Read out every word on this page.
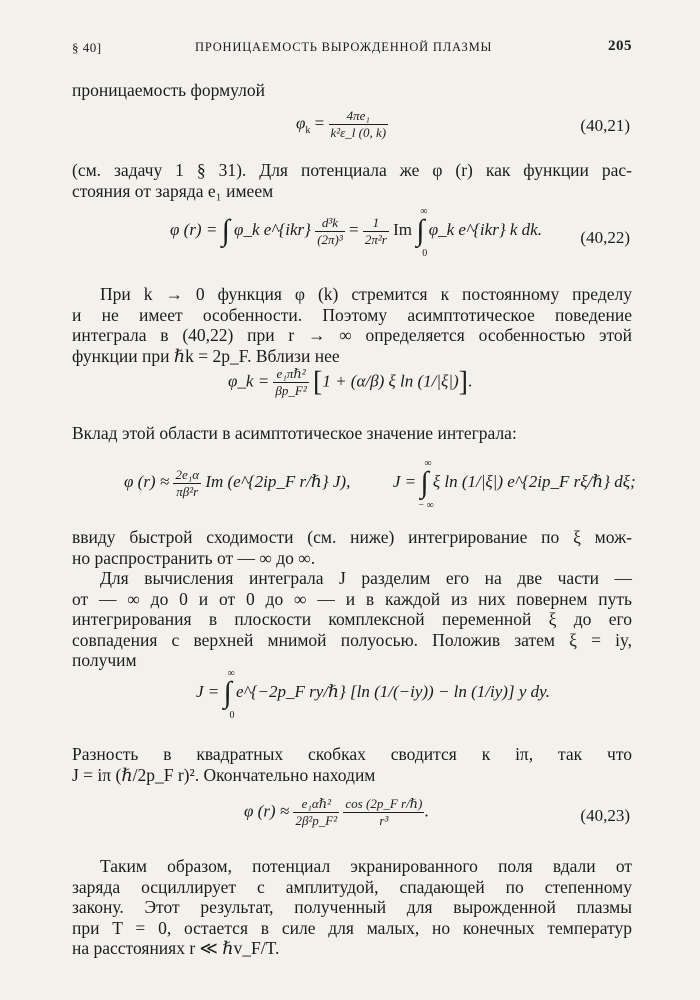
§ 40]	ПРОНИЦАЕМОСТЬ ВЫРОЖДЕННОЙ ПЛАЗМЫ	205
проницаемость формулой
$\varphi_k = \frac{\text{4πe₁}}{\text{k²ε\_l (0, k)}}$	(40,21)
(см. задачу 1 § 31). Для потенциала же φ (r) как функции рас-
стояния от заряда e₁ имеем
φ (r) = ∫ φ_k e^{ikr} $\frac{\text{d³k}}{\text{(2π)³}} = \frac{1}{\text{2π²r}}$ Im ∫
∞
0
φ_k e^{ikr} k dk. (40,22)
При k → 0 функция φ (k) стремится к постоянному пределу
и не имеет особенности. Поэтому асимптотическое поведение
интеграла в (40,22) при r → ∞ определяется особенностью этой
функции при ℏk = 2p_F. Вблизи нее
φ_k = $\frac{\text{e₁πℏ²}}{\text{βp\_F²}} [1 + (\alpha/\beta)$ ξ ln (1/|ξ|)].
Вклад этой области в асимптотическое значение интеграла:
φ $(r) \approx \frac{\text{2e₁α}}{\text{πβ²r}}$ Im (e^{2ip_F r/ℏ} J),	J = ∫
∞
− ∞
ξ ln (1/|ξ|) e^{2ip_F rξ/ℏ} dξ;
ввиду быстрой сходимости (см. ниже) интегрирование по ξ мож-
но распространить от — ∞ до ∞.
Для вычисления интеграла J разделим его на две части —
от — ∞ до 0 и от 0 до ∞ — и в каждой из них повернем путь
интегрирования в плоскости комплексной переменной ξ до его
совпадения с верхней мнимой полуосью. Положив затем ξ = iy,
получим
J = ∫
∞
0
e^{−2p_F ry/ℏ} [ln (1/(−iy)) − ln (1/iy)] y dy.
Разность в квадратных скобках сводится к iπ, так что
J = iπ (ℏ/2p_F r)². Окончательно находим
φ $(r) \approx \frac{\text{e₁αℏ²}}{\text{2β²p\_F²}}$
$\frac{\text{cos (2p\_F r/ℏ)}}{\text{r³}}$ .	(40,23)
Таким образом, потенциал экранированного поля вдали от
заряда осциллирует с амплитудой, спадающей по степенному
закону. Этот результат, полученный для вырожденной плазмы
при T = 0, остается в силе для малых, но конечных температур
на расстояниях r ≪ ℏv_F/T.
